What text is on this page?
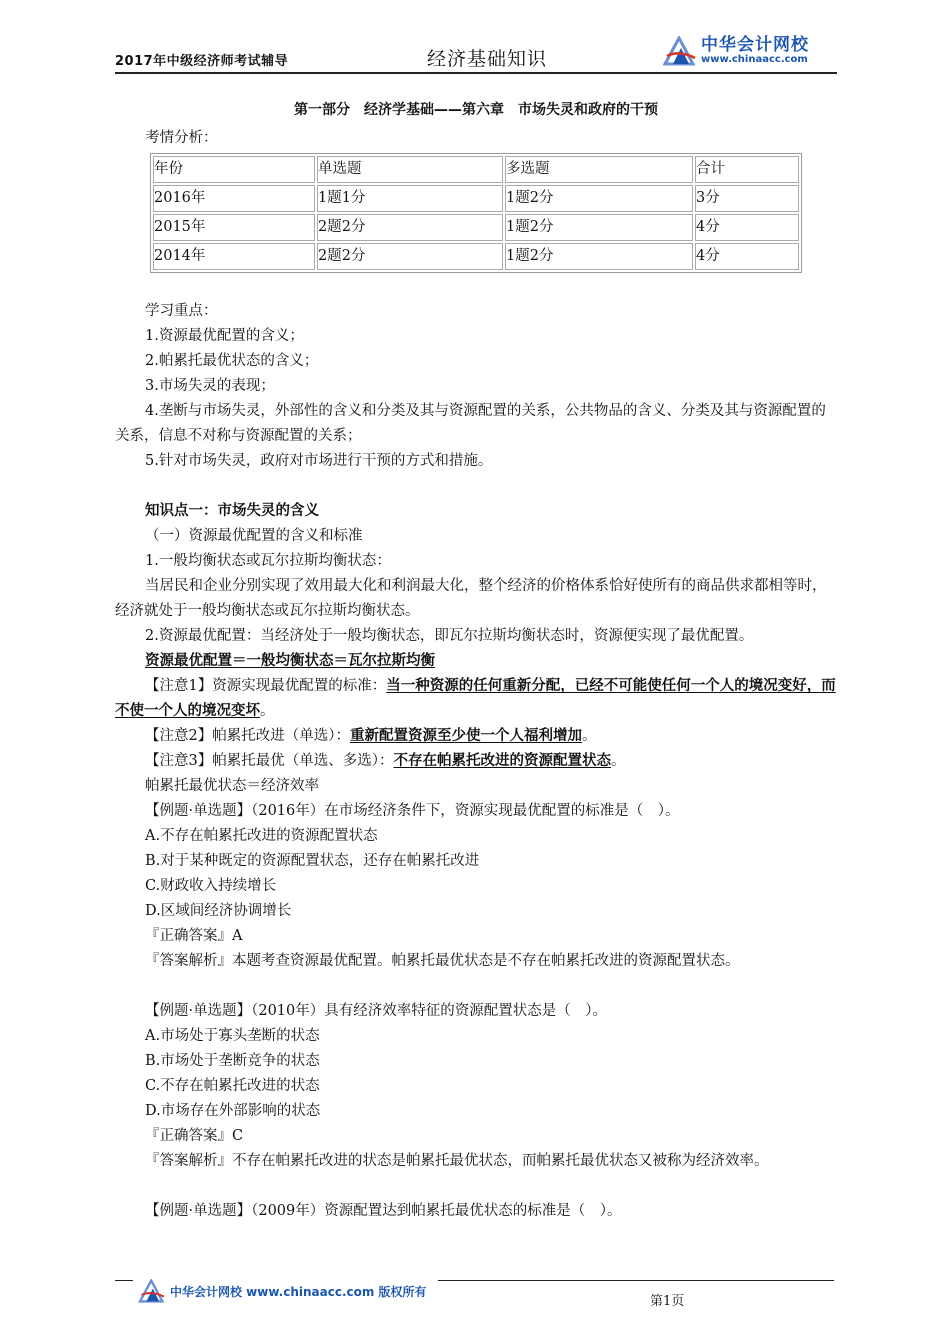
2017年中级经济师考试辅导	经济基础知识
中华会计网校
www.chinaacc.com

第一部分　经济学基础——第六章　市场失灵和政府的干预

考情分析：

年份	单选题	多选题	合计
2016年	1题1分	1题2分	3分
2015年	2题2分	1题2分	4分
2014年	2题2分	1题2分	4分

学习重点：

1.资源最优配置的含义；

2.帕累托最优状态的含义；

3.市场失灵的表现；

4.垄断与市场失灵，外部性的含义和分类及其与资源配置的关系，公共物品的含义、分类及其与资源配置的关系，信息不对称与资源配置的关系；

5.针对市场失灵，政府对市场进行干预的方式和措施。

知识点一：市场失灵的含义

（一）资源最优配置的含义和标准

1.一般均衡状态或瓦尔拉斯均衡状态：

当居民和企业分别实现了效用最大化和利润最大化，整个经济的价格体系恰好使所有的商品供求都相等时，经济就处于一般均衡状态或瓦尔拉斯均衡状态。

2.资源最优配置：当经济处于一般均衡状态，即瓦尔拉斯均衡状态时，资源便实现了最优配置。

资源最优配置＝一般均衡状态＝瓦尔拉斯均衡

【注意1】资源实现最优配置的标准：当一种资源的任何重新分配，已经不可能使任何一个人的境况变好，而不使一个人的境况变坏。

【注意2】帕累托改进（单选）：重新配置资源至少使一个人福利增加。

【注意3】帕累托最优（单选、多选）：不存在帕累托改进的资源配置状态。

帕累托最优状态＝经济效率

【例题·单选题】（2016年）在市场经济条件下，资源实现最优配置的标准是（　）。

A.不存在帕累托改进的资源配置状态

B.对于某种既定的资源配置状态，还存在帕累托改进

C.财政收入持续增长

D.区域间经济协调增长

『正确答案』A

『答案解析』本题考查资源最优配置。帕累托最优状态是不存在帕累托改进的资源配置状态。

【例题·单选题】（2010年）具有经济效率特征的资源配置状态是（　）。

A.市场处于寡头垄断的状态

B.市场处于垄断竞争的状态

C.不存在帕累托改进的状态

D.市场存在外部影响的状态

『正确答案』C

『答案解析』不存在帕累托改进的状态是帕累托最优状态，而帕累托最优状态又被称为经济效率。

【例题·单选题】（2009年）资源配置达到帕累托最优状态的标准是（　）。

中华会计网校 www.chinaacc.com 版权所有
第1页
